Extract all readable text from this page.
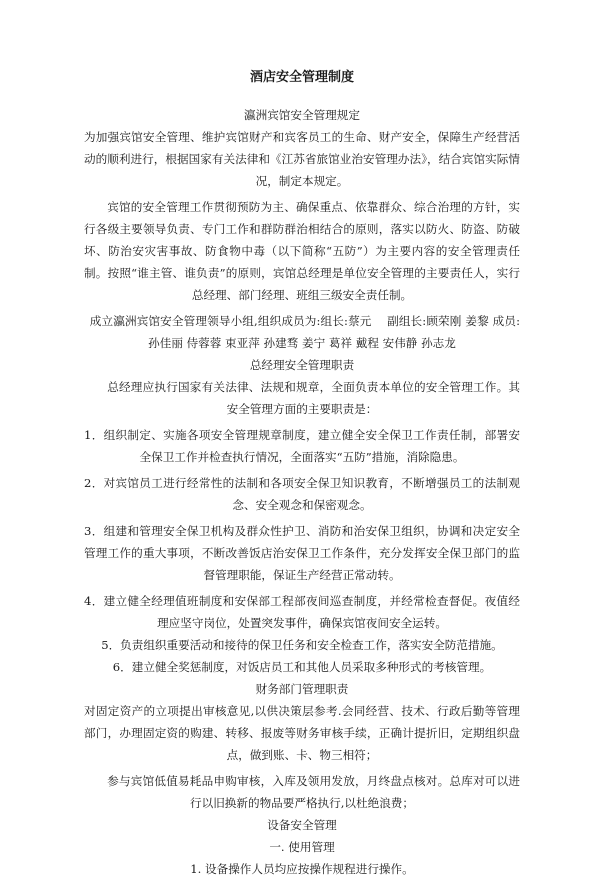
酒店安全管理制度
瀛洲宾馆安全管理规定

为加强宾馆安全管理、维护宾馆财产和宾客员工的生命、财产安全，保障生产经营活动的顺利进行，根据国家有关法律和《江苏省旅馆业治安管理办法》，结合宾馆实际情况，制定本规定。

宾馆的安全管理工作贯彻预防为主、确保重点、依靠群众、综合治理的方针，实行各级主要领导负责、专门工作和群防群治相结合的原则，落实以防火、防盗、防破坏、防治安灾害事故、防食物中毒（以下简称“五防”）为主要内容的安全管理责任制。按照“谁主管、谁负责”的原则，宾馆总经理是单位安全管理的主要责任人，实行总经理、部门经理、班组三级安全责任制。

成立瀛洲宾馆安全管理领导小组,组织成员为:组长:蔡元　 副组长:顾荣刚 姜黎 成员:孙佳丽 侍蓉蓉 束亚萍 孙建骛 姜宁 葛祥 戴程 安伟静 孙志龙

总经理安全管理职责

总经理应执行国家有关法律、法规和规章，全面负责本单位的安全管理工作。其安全管理方面的主要职责是：

1．组织制定、实施各项安全管理规章制度，建立健全安全保卫工作责任制，部署安全保卫工作并检查执行情况，全面落实“五防”措施，消除隐患。

2．对宾馆员工进行经常性的法制和各项安全保卫知识教育，不断增强员工的法制观念、安全观念和保密观念。

3．组建和管理安全保卫机构及群众性护卫、消防和治安保卫组织，协调和决定安全管理工作的重大事项，不断改善饭店治安保卫工作条件，充分发挥安全保卫部门的监督管理职能，保证生产经营正常动转。

4．建立健全经理值班制度和安保部工程部夜间巡查制度，并经常检查督促。夜值经理应坚守岗位，处置突发事件，确保宾馆夜间安全运转。

5．负责组织重要活动和接待的保卫任务和安全检查工作，落实安全防范措施。

6．建立健全奖惩制度，对饭店员工和其他人员采取多种形式的考核管理。

财务部门管理职责

对固定资产的立项提出审核意见,以供决策层参考.会同经营、技术、行政后勤等管理部门，办理固定资的购建、转移、报废等财务审核手续，正确计提折旧，定期组织盘点，做到账、卡、物三相符；

参与宾馆低值易耗品申购审核，入库及领用发放，月终盘点核对。总库对可以进行以旧换新的物品要严格执行,以杜绝浪费；

设备安全管理
一. 使用管理

1. 设备操作人员均应按操作规程进行操作。
